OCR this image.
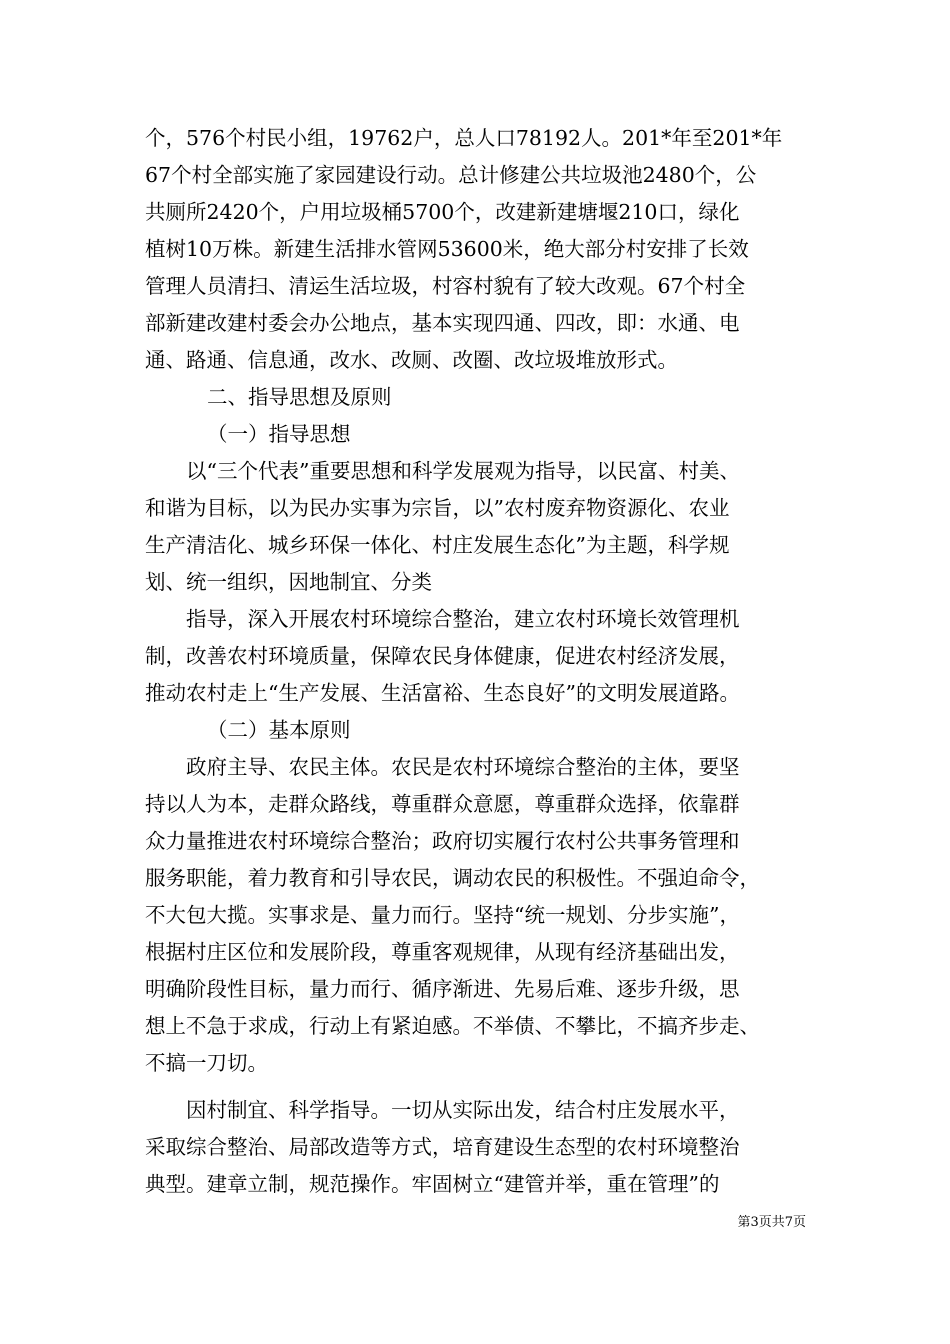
个，576个村民小组，19762户，总人口78192人。201*年至201*年
67个村全部实施了家园建设行动。总计修建公共垃圾池2480个，公
共厕所2420个，户用垃圾桶5700个，改建新建塘堰210口，绿化
植树10万株。新建生活排水管网53600米，绝大部分村安排了长效
管理人员清扫、清运生活垃圾，村容村貌有了较大改观。67个村全
部新建改建村委会办公地点，基本实现四通、四改，即：水通、电
通、路通、信息通，改水、改厕、改圈、改垃圾堆放形式。
二、指导思想及原则
（一）指导思想
以“三个代表”重要思想和科学发展观为指导，以民富、村美、
和谐为目标，以为民办实事为宗旨，以”农村废弃物资源化、农业
生产清洁化、城乡环保一体化、村庄发展生态化”为主题，科学规
划、统一组织，因地制宜、分类
指导，深入开展农村环境综合整治，建立农村环境长效管理机
制，改善农村环境质量，保障农民身体健康，促进农村经济发展，
推动农村走上“生产发展、生活富裕、生态良好”的文明发展道路。
（二）基本原则
政府主导、农民主体。农民是农村环境综合整治的主体，要坚
持以人为本，走群众路线，尊重群众意愿，尊重群众选择，依靠群
众力量推进农村环境综合整治；政府切实履行农村公共事务管理和
服务职能，着力教育和引导农民，调动农民的积极性。不强迫命令，
不大包大揽。实事求是、量力而行。坚持“统一规划、分步实施”，
根据村庄区位和发展阶段，尊重客观规律，从现有经济基础出发，
明确阶段性目标，量力而行、循序渐进、先易后难、逐步升级，思
想上不急于求成，行动上有紧迫感。不举债、不攀比，不搞齐步走、
不搞一刀切。
因村制宜、科学指导。一切从实际出发，结合村庄发展水平，
采取综合整治、局部改造等方式，培育建设生态型的农村环境整治
典型。建章立制，规范操作。牢固树立“建管并举，重在管理”的
第3页共7页
